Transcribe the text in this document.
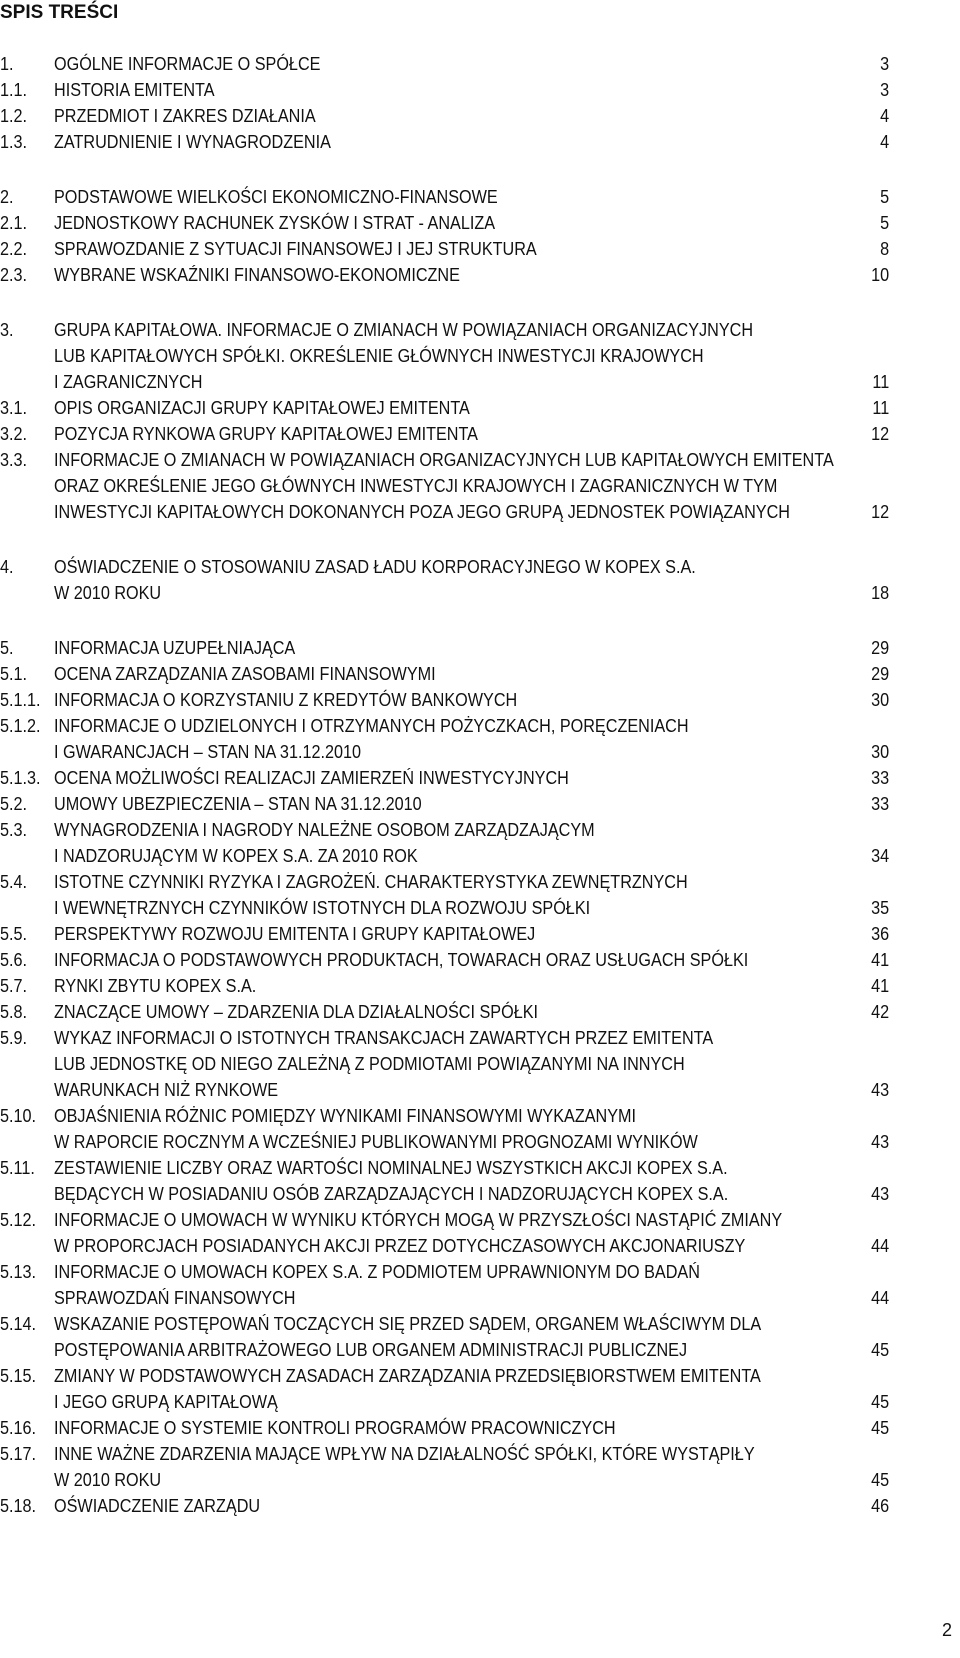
SPIS TREŚCI
1.	OGÓLNE INFORMACJE O SPÓŁCE	3
1.1.	HISTORIA EMITENTA	3
1.2.	PRZEDMIOT I ZAKRES DZIAŁANIA	4
1.3.	ZATRUDNIENIE I WYNAGRODZENIA	4
2.	PODSTAWOWE WIELKOŚCI EKONOMICZNO-FINANSOWE	5
2.1.	JEDNOSTKOWY RACHUNEK ZYSKÓW I STRAT - ANALIZA	5
2.2.	SPRAWOZDANIE Z SYTUACJI FINANSOWEJ I JEJ STRUKTURA	8
2.3.	WYBRANE WSKAŹNIKI FINANSOWO-EKONOMICZNE	10
3.	GRUPA KAPITAŁOWA. INFORMACJE O ZMIANACH W POWIĄZANIACH ORGANIZACYJNYCH
LUB KAPITAŁOWYCH SPÓŁKI. OKREŚLENIE GŁÓWNYCH INWESTYCJI KRAJOWYCH
I ZAGRANICZNYCH	11
3.1.	OPIS ORGANIZACJI GRUPY KAPITAŁOWEJ EMITENTA	11
3.2.	POZYCJA RYNKOWA GRUPY KAPITAŁOWEJ EMITENTA	12
3.3.	INFORMACJE O ZMIANACH W POWIĄZANIACH ORGANIZACYJNYCH LUB KAPITAŁOWYCH EMITENTA
ORAZ OKREŚLENIE JEGO GŁÓWNYCH INWESTYCJI KRAJOWYCH I ZAGRANICZNYCH W TYM
INWESTYCJI KAPITAŁOWYCH DOKONANYCH POZA JEGO GRUPĄ JEDNOSTEK POWIĄZANYCH	12
4.	OŚWIADCZENIE O STOSOWANIU ZASAD ŁADU KORPORACYJNEGO W KOPEX S.A.
W 2010 ROKU	18
5.	INFORMACJA UZUPEŁNIAJĄCA	29
5.1.	OCENA ZARZĄDZANIA ZASOBAMI FINANSOWYMI	29
5.1.1. INFORMACJA O KORZYSTANIU Z KREDYTÓW BANKOWYCH	30
5.1.2. INFORMACJE O UDZIELONYCH I OTRZYMANYCH POŻYCZKACH, PORĘCZENIACH
I GWARANCJACH – STAN NA 31.12.2010	30
5.1.3. OCENA MOŻLIWOŚCI REALIZACJI ZAMIERZEŃ INWESTYCYJNYCH	33
5.2.	UMOWY UBEZPIECZENIA – STAN NA 31.12.2010	33
5.3.	WYNAGRODZENIA I NAGRODY NALEŻNE OSOBOM ZARZĄDZAJĄCYM
I NADZORUJĄCYM W KOPEX S.A. ZA 2010 ROK	34
5.4.	ISTOTNE CZYNNIKI RYZYKA I ZAGROŻEŃ. CHARAKTERYSTYKA ZEWNĘTRZNYCH
I WEWNĘTRZNYCH CZYNNIKÓW ISTOTNYCH DLA ROZWOJU SPÓŁKI	35
5.5.	PERSPEKTYWY ROZWOJU EMITENTA I GRUPY KAPITAŁOWEJ	36
5.6.	INFORMACJA O PODSTAWOWYCH PRODUKTACH, TOWARACH ORAZ USŁUGACH SPÓŁKI	41
5.7.	RYNKI ZBYTU KOPEX S.A.	41
5.8.	ZNACZĄCE UMOWY – ZDARZENIA DLA DZIAŁALNOŚCI SPÓŁKI	42
5.9.	WYKAZ INFORMACJI O ISTOTNYCH TRANSAKCJACH ZAWARTYCH PRZEZ EMITENTA
LUB JEDNOSTKĘ OD NIEGO ZALEŻNĄ Z PODMIOTAMI POWIĄZANYMI NA INNYCH
WARUNKACH NIŻ RYNKOWE	43
5.10. OBJAŚNIENIA RÓŻNIC POMIĘDZY WYNIKAMI FINANSOWYMI WYKAZANYMI
W RAPORCIE ROCZNYM A WCZEŚNIEJ PUBLIKOWANYMI PROGNOZAMI WYNIKÓW	43
5.11.	ZESTAWIENIE LICZBY ORAZ WARTOŚCI NOMINALNEJ WSZYSTKICH AKCJI KOPEX S.A.
BĘDĄCYCH W POSIADANIU OSÓB ZARZĄDZAJĄCYCH I NADZORUJĄCYCH KOPEX S.A.	43
5.12. INFORMACJE O UMOWACH W WYNIKU KTÓRYCH MOGĄ W PRZYSZŁOŚCI NASTĄPIĆ ZMIANY
W PROPORCJACH POSIADANYCH AKCJI PRZEZ DOTYCHCZASOWYCH AKCJONARIUSZY	44
5.13. INFORMACJE O UMOWACH KOPEX S.A. Z PODMIOTEM UPRAWNIONYM DO BADAŃ
SPRAWOZDAŃ FINANSOWYCH	44
5.14. WSKAZANIE POSTĘPOWAŃ TOCZĄCYCH SIĘ PRZED SĄDEM, ORGANEM WŁAŚCIWYM DLA
POSTĘPOWANIA ARBITRAŻOWEGO LUB ORGANEM ADMINISTRACJI PUBLICZNEJ	45
5.15. ZMIANY W PODSTAWOWYCH ZASADACH ZARZĄDZANIA PRZEDSIĘBIORSTWEM EMITENTA
I JEGO GRUPĄ KAPITAŁOWĄ	45
5.16. INFORMACJE O SYSTEMIE KONTROLI PROGRAMÓW PRACOWNICZYCH	45
5.17. INNE WAŻNE ZDARZENIA MAJĄCE WPŁYW NA DZIAŁALNOŚĆ SPÓŁKI, KTÓRE WYSTĄPIŁY
W 2010 ROKU	45
5.18. OŚWIADCZENIE ZARZĄDU	46
2
